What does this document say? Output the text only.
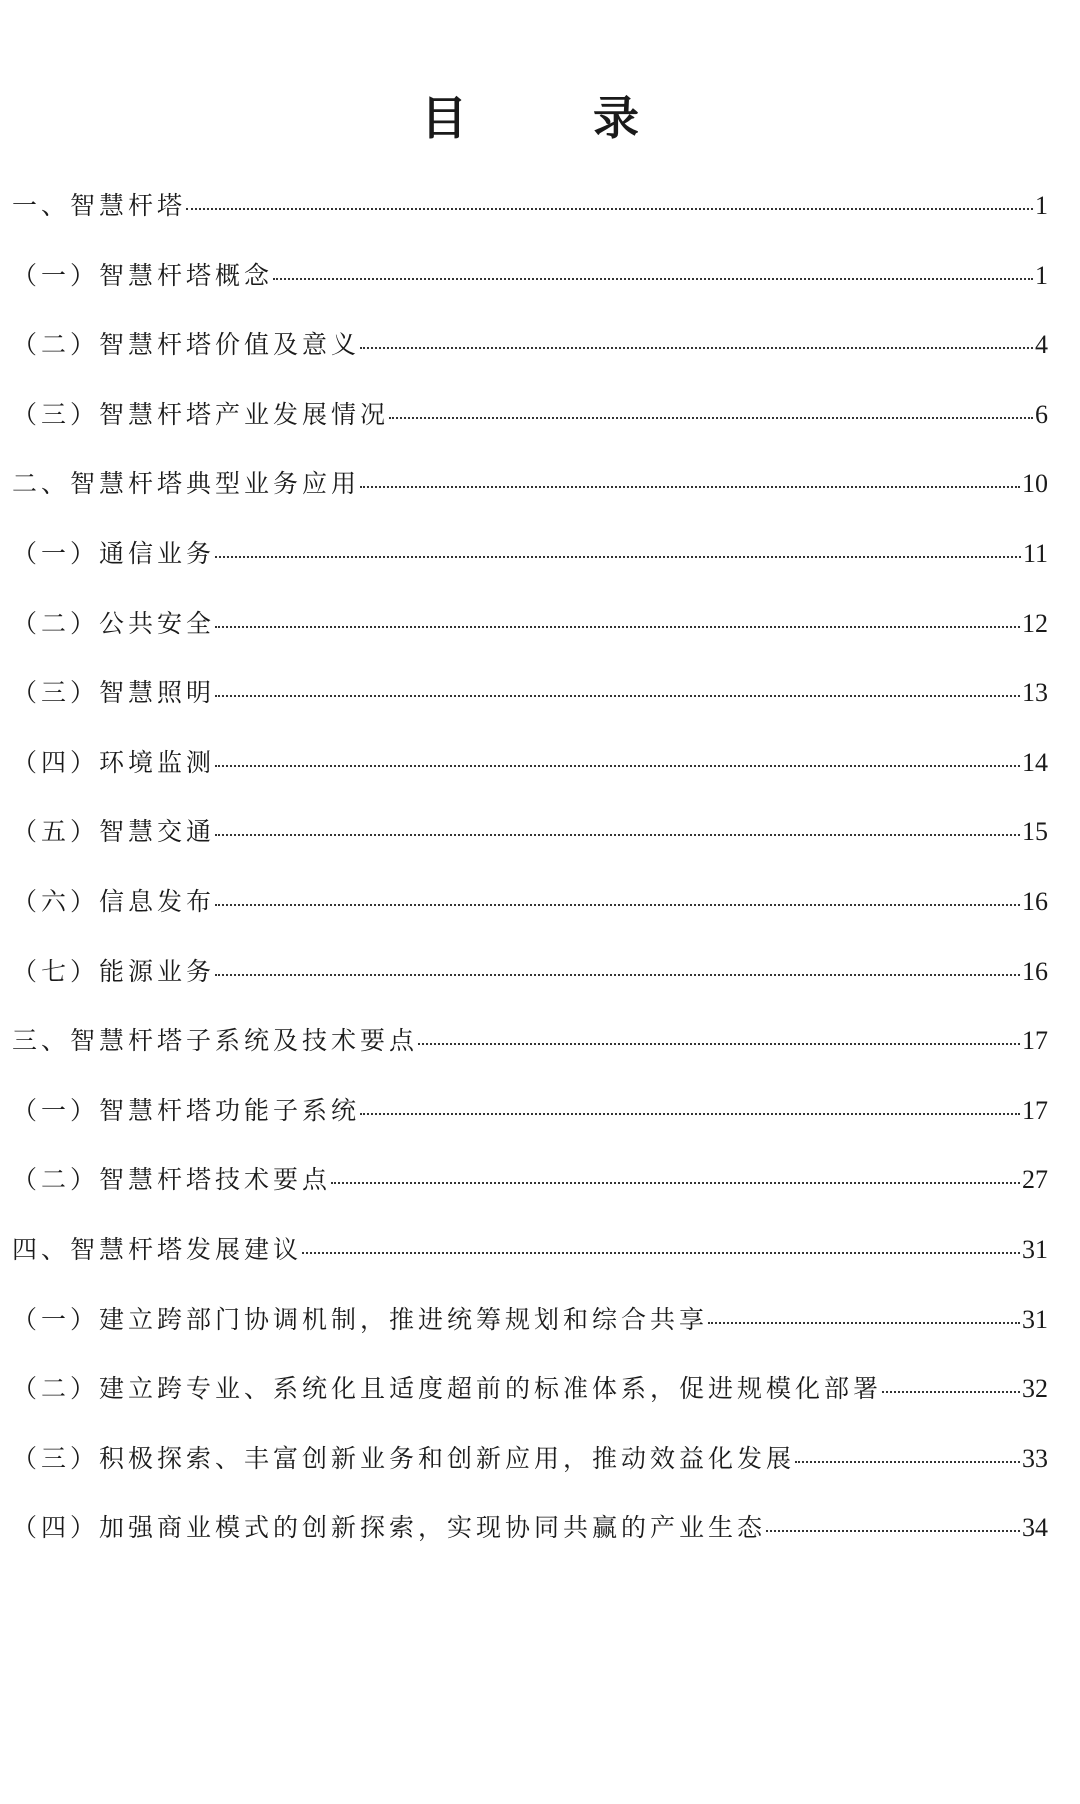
目　录
一、智慧杆塔	1
（一）智慧杆塔概念	1
（二）智慧杆塔价值及意义	4
（三）智慧杆塔产业发展情况	6
二、智慧杆塔典型业务应用	10
（一）通信业务	11
（二）公共安全	12
（三）智慧照明	13
（四）环境监测	14
（五）智慧交通	15
（六）信息发布	16
（七）能源业务	16
三、智慧杆塔子系统及技术要点	17
（一）智慧杆塔功能子系统	17
（二）智慧杆塔技术要点	27
四、智慧杆塔发展建议	31
（一）建立跨部门协调机制，推进统筹规划和综合共享	31
（二）建立跨专业、系统化且适度超前的标准体系，促进规模化部署	32
（三）积极探索、丰富创新业务和创新应用，推动效益化发展	33
（四）加强商业模式的创新探索，实现协同共赢的产业生态	34
